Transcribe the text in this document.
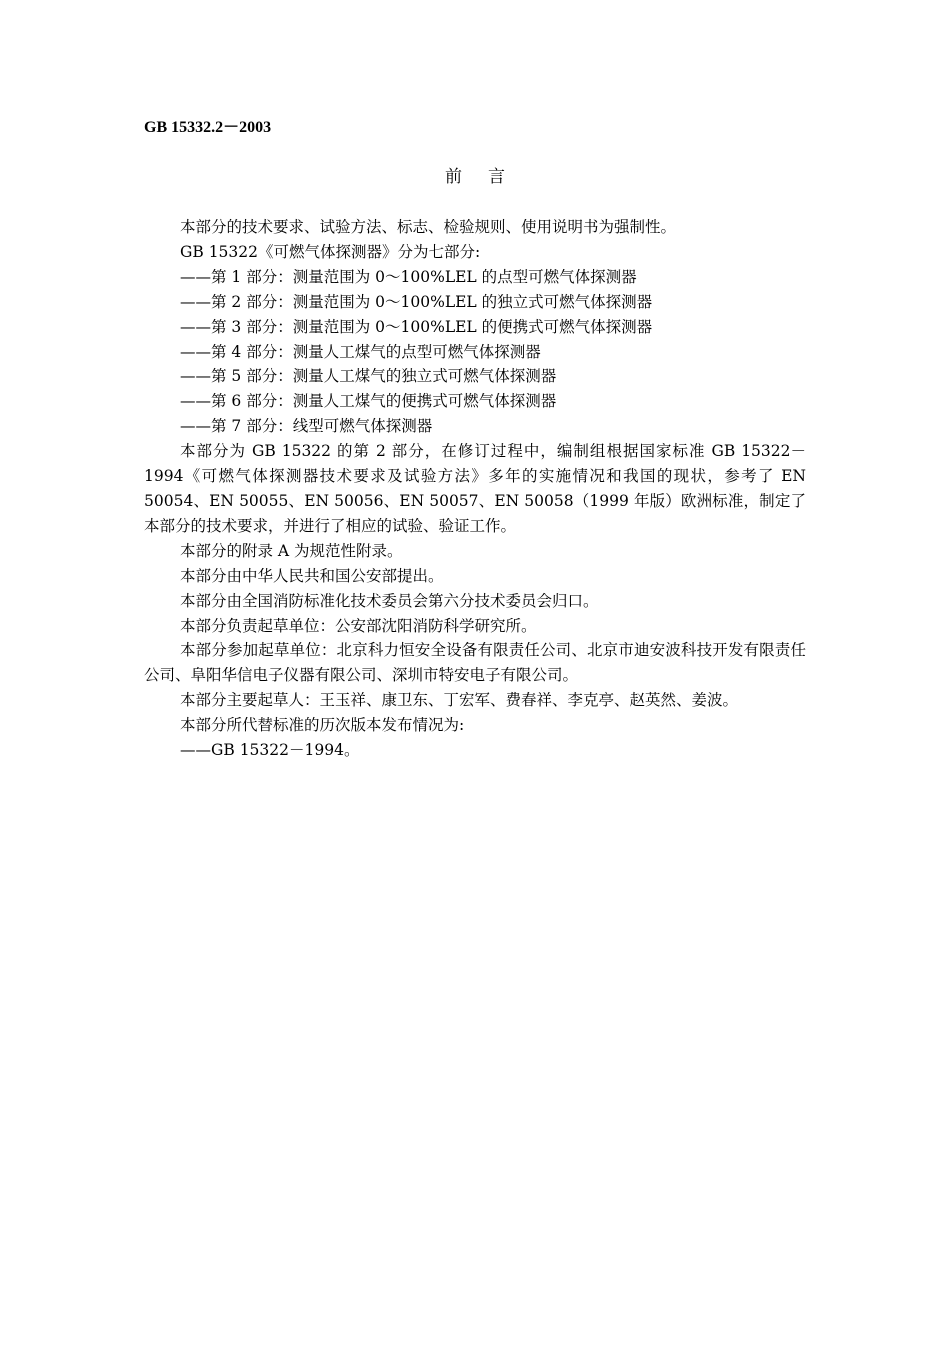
GB 15332.2－2003
前言

本部分的技术要求、试验方法、标志、检验规则、使用说明书为强制性。

GB 15322《可燃气体探测器》分为七部分:

——第 1 部分：测量范围为 0～100%LEL 的点型可燃气体探测器

——第 2 部分：测量范围为 0～100%LEL 的独立式可燃气体探测器

——第 3 部分：测量范围为 0～100%LEL 的便携式可燃气体探测器

——第 4 部分：测量人工煤气的点型可燃气体探测器

——第 5 部分：测量人工煤气的独立式可燃气体探测器

——第 6 部分：测量人工煤气的便携式可燃气体探测器

——第 7 部分：线型可燃气体探测器

本部分为 GB 15322 的第 2 部分，在修订过程中，编制组根据国家标准 GB 15322－1994《可燃气体探测器技术要求及试验方法》多年的实施情况和我国的现状，参考了 EN 50054、EN 50055、EN 50056、EN 50057、EN 50058（1999 年版）欧洲标准，制定了本部分的技术要求，并进行了相应的试验、验证工作。

本部分的附录 A 为规范性附录。

本部分由中华人民共和国公安部提出。

本部分由全国消防标准化技术委员会第六分技术委员会归口。

本部分负责起草单位：公安部沈阳消防科学研究所。

本部分参加起草单位：北京科力恒安全设备有限责任公司、北京市迪安波科技开发有限责任公司、阜阳华信电子仪器有限公司、深圳市特安电子有限公司。

本部分主要起草人：王玉祥、康卫东、丁宏军、费春祥、李克亭、赵英然、姜波。

本部分所代替标准的历次版本发布情况为:

——GB 15322－1994。
